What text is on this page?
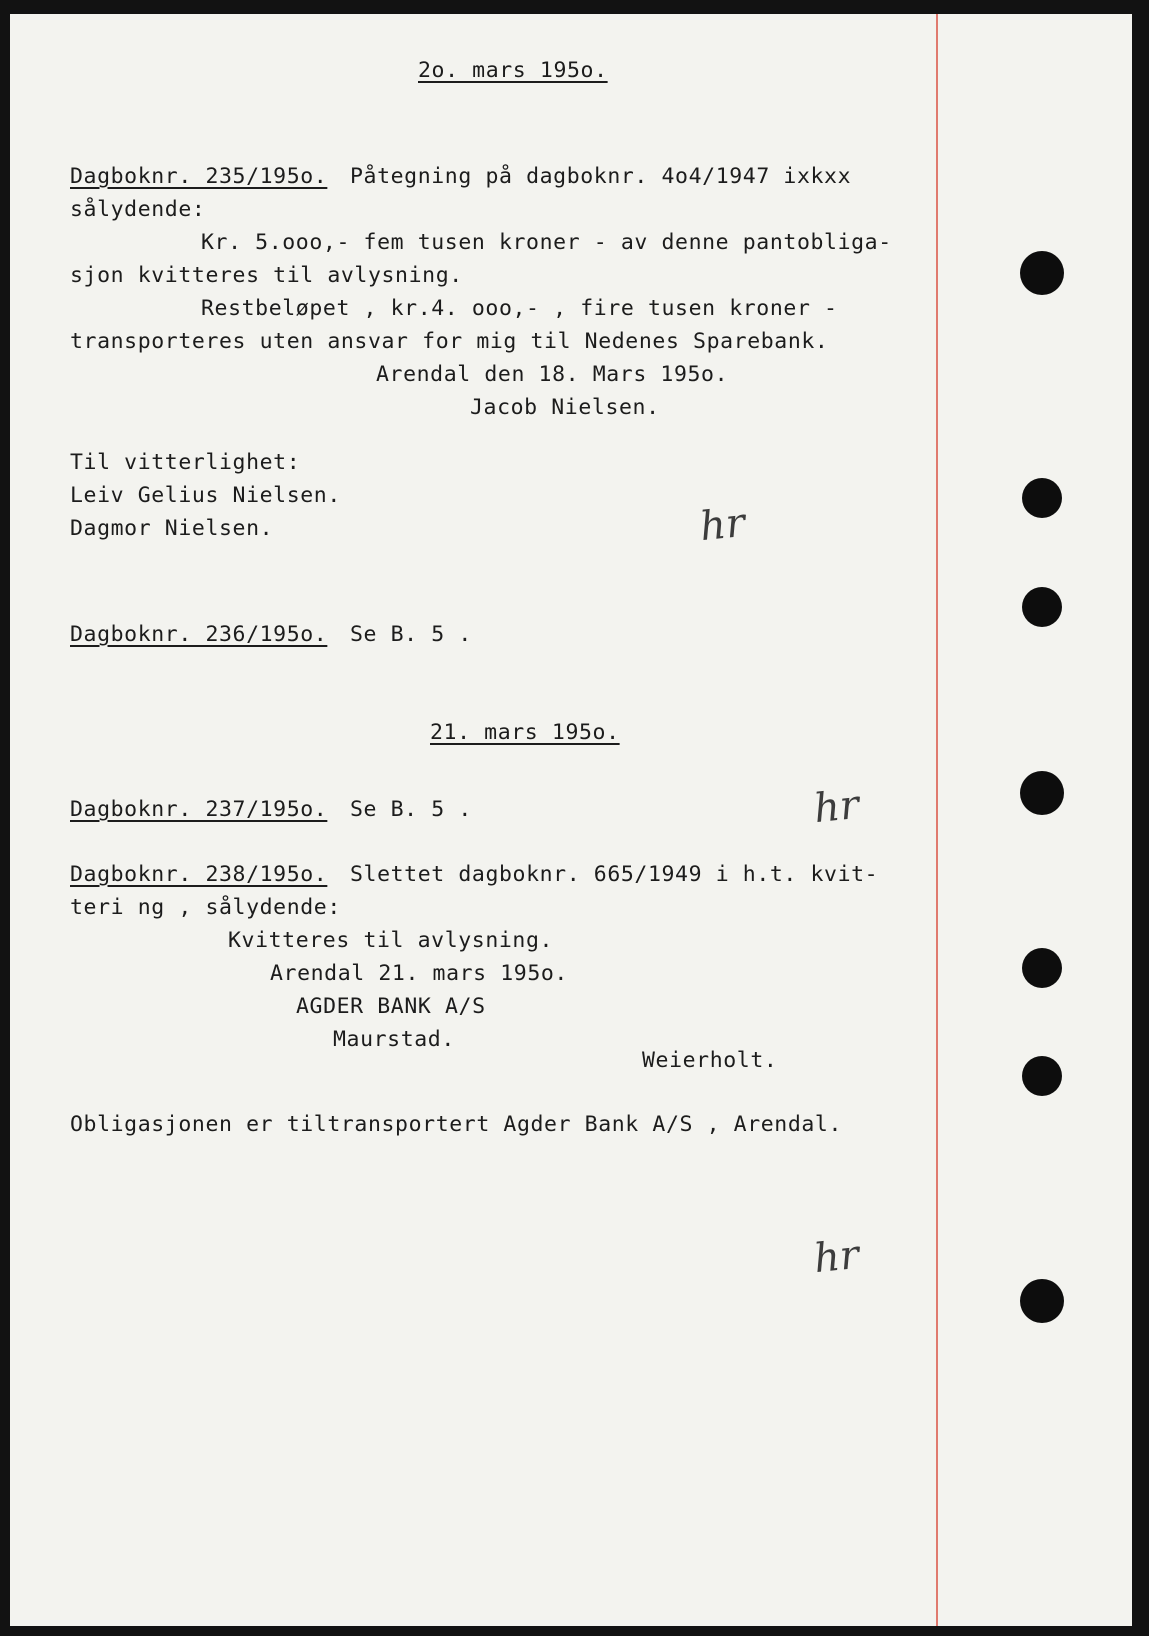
2o. mars 195o.
Dagboknr. 235/195o. Påtegning på dagboknr. 4o4/1947 ixkxx
sålydende:
Kr. 5.ooo,- fem tusen kroner - av denne pantobliga-
sjon kvitteres til avlysning.
Restbeløpet , kr.4. ooo,- , fire tusen kroner -
transporteres uten ansvar for mig til Nedenes Sparebank.
Arendal den 18. Mars 195o.
Jacob Nielsen.
Til vitterlighet:
Leiv Gelius Nielsen.
Dagmor Nielsen.
Dagboknr. 236/195o. Se B. 5 .
21. mars 195o.
Dagboknr. 237/195o. Se B. 5 .
Dagboknr. 238/195o. Slettet dagboknr. 665/1949 i h.t. kvit-
teri ng , sålydende:
Kvitteres til avlysning.
Arendal 21. mars 195o.
AGDER BANK A/S
Maurstad.
Weierholt.
Obligasjonen er tiltransportert Agder Bank A/S , Arendal.
ℎr
ℎr
ℎr
